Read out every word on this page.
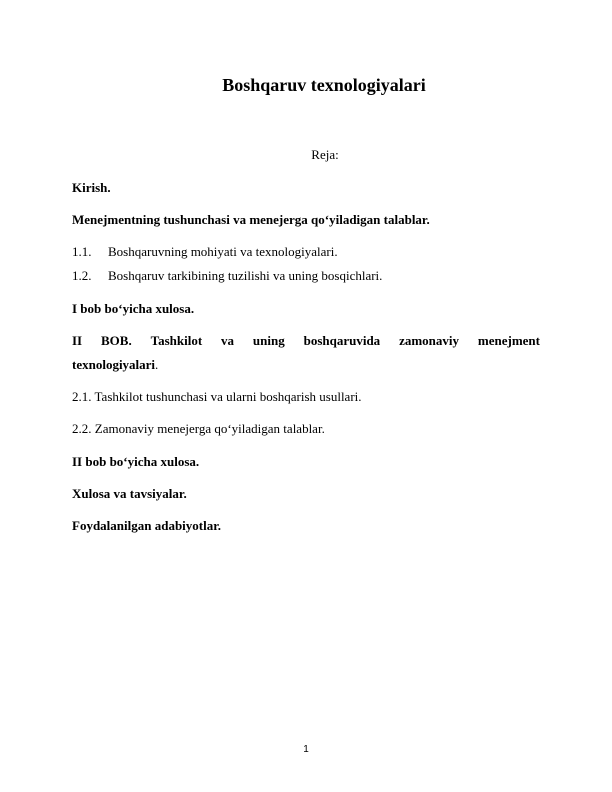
Boshqaruv texnologiyalari
Reja:
Kirish.
Menejmentning tushunchasi va menejerga qo‘yiladigan talablar.
1.1. Boshqaruvning mohiyati va texnologiyalari.
1.2. Boshqaruv tarkibining tuzilishi va uning bosqichlari.
I bob bo‘yicha xulosa.
II BOB. Tashkilot va uning boshqaruvida zamonaviy menejment
texnologiyalari.
2.1. Tashkilot tushunchasi va ularni boshqarish usullari.
2.2. Zamonaviy menejerga qo‘yiladigan talablar.
II bob bo‘yicha xulosa.
Xulosa va tavsiyalar.
Foydalanilgan adabiyotlar.
1
